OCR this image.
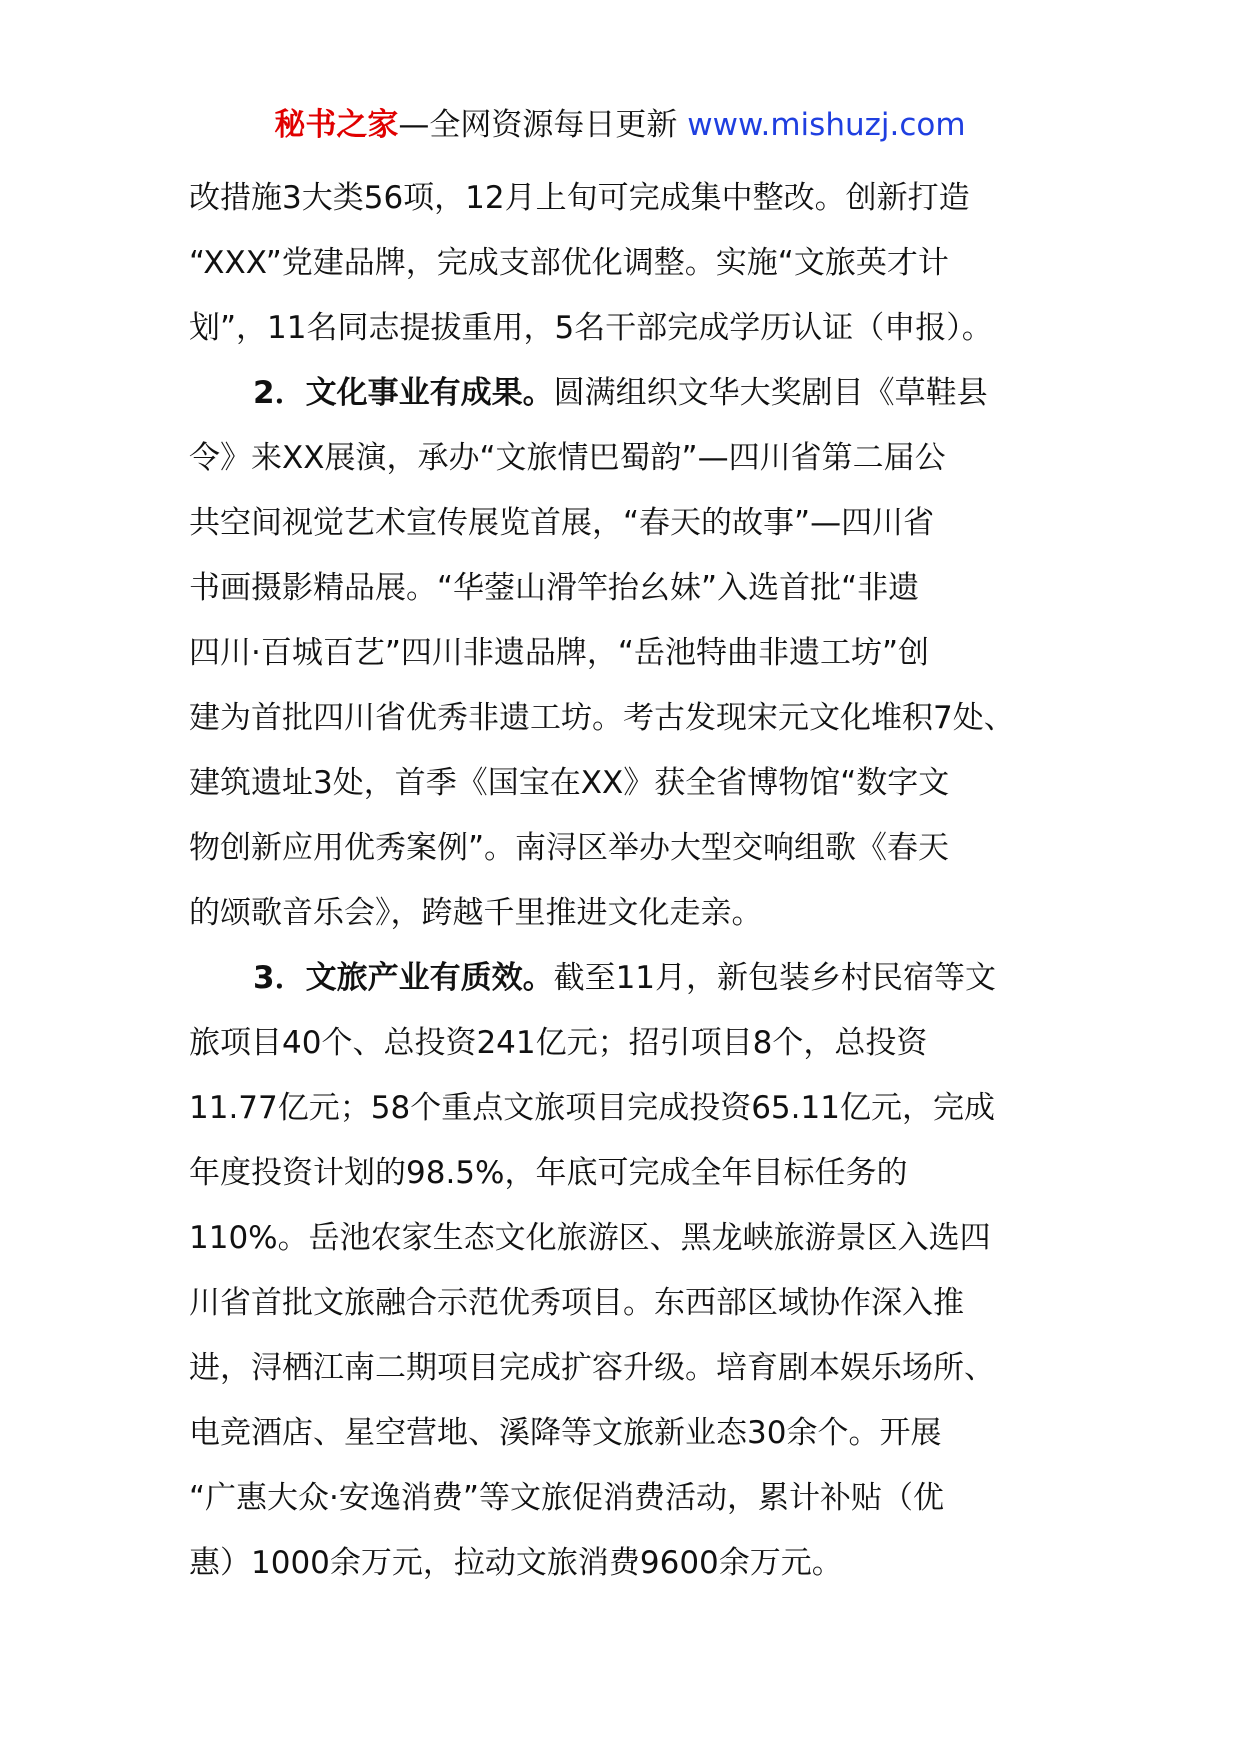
秘书之家—全网资源每日更新 www.mishuzj.com
改措施3大类56项，12月上旬可完成集中整改。创新打造
“XXX”党建品牌，完成支部优化调整。实施“文旅英才计
划”，11名同志提拔重用，5名干部完成学历认证（申报）。
2．文化事业有成果。圆满组织文华大奖剧目《草鞋县
令》来XX展演，承办“文旅情巴蜀韵”—四川省第二届公
共空间视觉艺术宣传展览首展，“春天的故事”—四川省
书画摄影精品展。“华蓥山滑竿抬幺妹”入选首批“非遗
四川·百城百艺”四川非遗品牌，“岳池特曲非遗工坊”创
建为首批四川省优秀非遗工坊。考古发现宋元文化堆积7处、
建筑遗址3处，首季《国宝在XX》获全省博物馆“数字文
物创新应用优秀案例”。南浔区举办大型交响组歌《春天
的颂歌音乐会》，跨越千里推进文化走亲。
3．文旅产业有质效。截至11月，新包装乡村民宿等文
旅项目40个、总投资241亿元；招引项目8个，总投资
11.77亿元；58个重点文旅项目完成投资65.11亿元，完成
年度投资计划的98.5%，年底可完成全年目标任务的
110%。岳池农家生态文化旅游区、黑龙峡旅游景区入选四
川省首批文旅融合示范优秀项目。东西部区域协作深入推
进，浔栖江南二期项目完成扩容升级。培育剧本娱乐场所、
电竞酒店、星空营地、溪降等文旅新业态30余个。开展
“广惠大众·安逸消费”等文旅促消费活动，累计补贴（优
惠）1000余万元，拉动文旅消费9600余万元。
